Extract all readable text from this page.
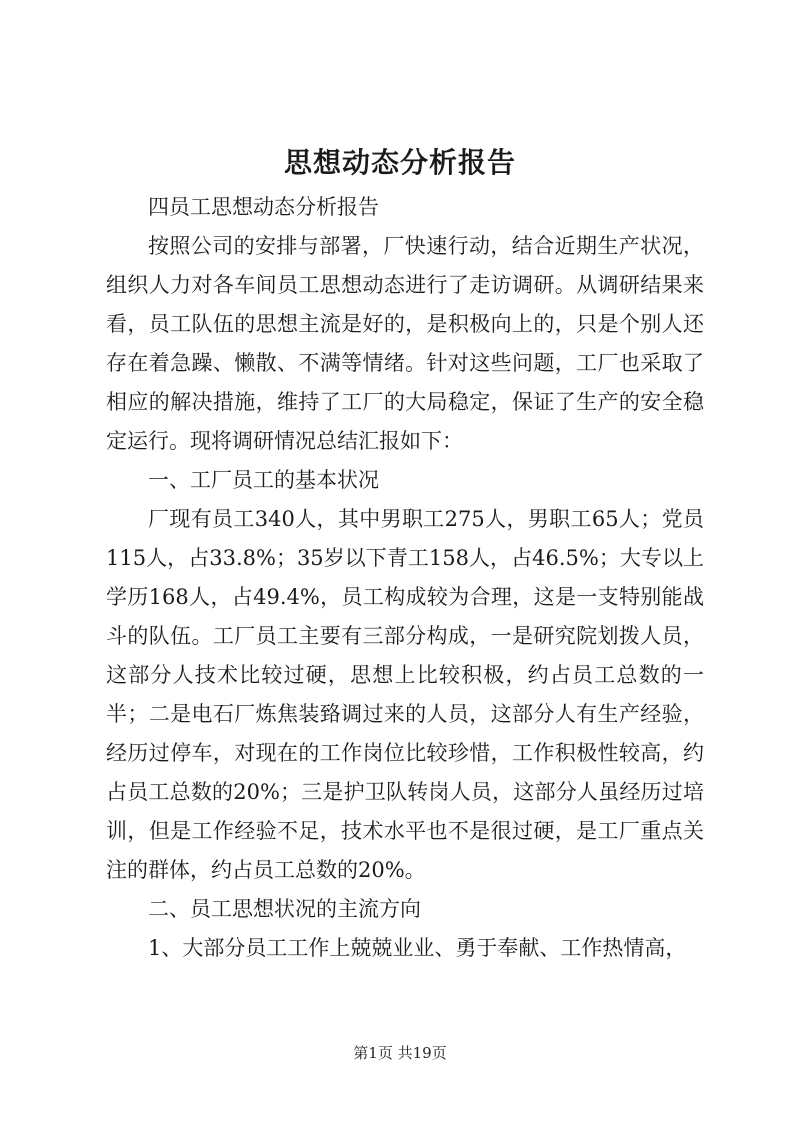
思想动态分析报告

四员工思想动态分析报告

按照公司的安排与部署，厂快速行动，结合近期生产状况，组织人力对各车间员工思想动态进行了走访调研。从调研结果来看，员工队伍的思想主流是好的，是积极向上的，只是个别人还存在着急躁、懒散、不满等情绪。针对这些问题，工厂也采取了相应的解决措施，维持了工厂的大局稳定，保证了生产的安全稳定运行。现将调研情况总结汇报如下：

一、工厂员工的基本状况

厂现有员工340人，其中男职工275人，男职工65人；党员115人，占33.8%；35岁以下青工158人，占46.5%；大专以上学历168人，占49.4%，员工构成较为合理，这是一支特别能战斗的队伍。工厂员工主要有三部分构成，一是研究院划拨人员，这部分人技术比较过硬，思想上比较积极，约占员工总数的一半；二是电石厂炼焦装臵调过来的人员，这部分人有生产经验，经历过停车，对现在的工作岗位比较珍惜，工作积极性较高，约占员工总数的20%；三是护卫队转岗人员，这部分人虽经历过培训，但是工作经验不足，技术水平也不是很过硬，是工厂重点关注的群体，约占员工总数的20%。

二、员工思想状况的主流方向

1、大部分员工工作上兢兢业业、勇于奉献、工作热情高，

第1页 共19页
